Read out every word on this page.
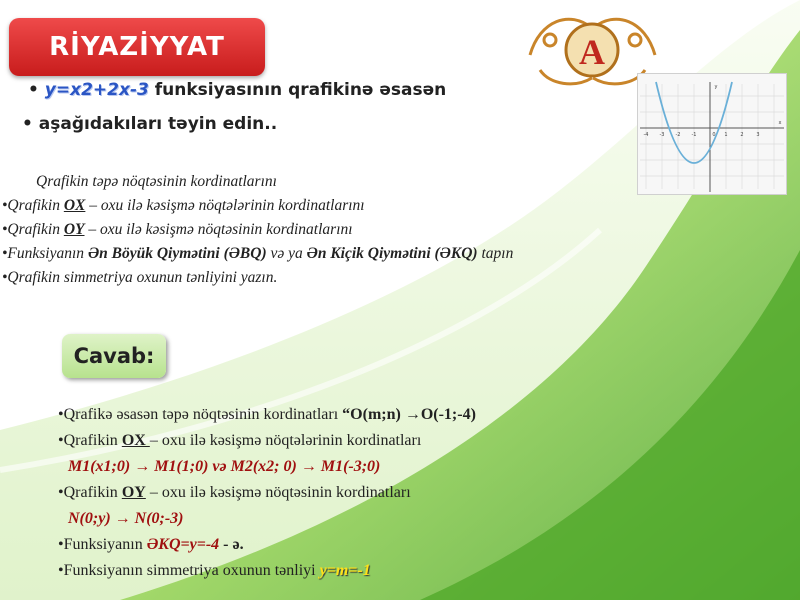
RİYAZİYYAT	A
-4 -3 -2 -1	0 1	2	3
x
y
• y=x2+2x-3 funksiyasının qrafikinə əsasən
• aşağıdakıları təyin edin..
Qrafikin təpə nöqtəsinin kordinatlarını
•Qrafikin OX – oxu ilə kəsişmə nöqtələrinin kordinatlarını
•Qrafikin OY – oxu ilə kəsişmə nöqtəsinin kordinatlarını
•Funksiyanın Ən Böyük Qiymətini (ƏBQ) və ya Ən Kiçik Qiymətini (ƏKQ) tapın
•Qrafikin simmetriya oxunun tənliyini yazın.
Cavab:
•Qrafikə əsasən təpə nöqtəsinin kordinatları “O(m;n) →O(-1;-4)
•Qrafikin OX – oxu ilə kəsişmə nöqtələrinin kordinatları
M1(x1;0) → M1(1;0) və M2(x2; 0) → M1(-3;0)
•Qrafikin OY – oxu ilə kəsişmə nöqtəsinin kordinatları
N(0;y) → N(0;-3)
•Funksiyanın ƏKQ=y=-4 - ə.
•Funksiyanın simmetriya oxunun tənliyi y=m=-1
